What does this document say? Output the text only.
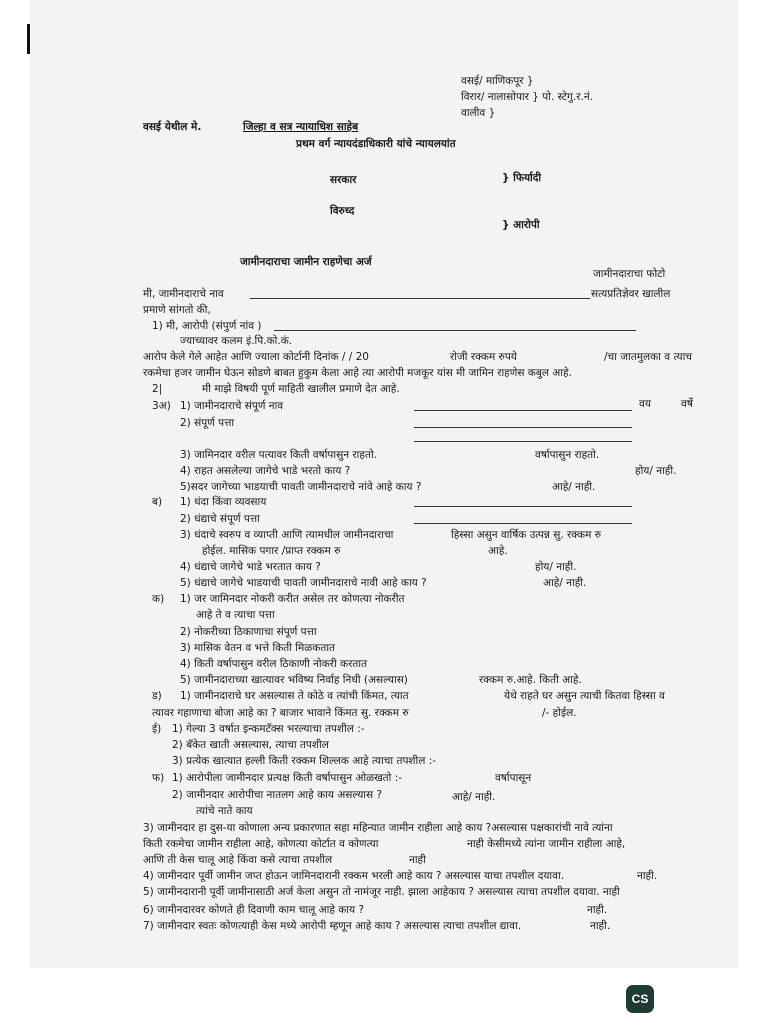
वसई/ माणिकपूर }

विरार/ नालासोपार } पो. स्टेगु.र.नं.

वालीव }

वसई येथील मे.	जिल्हा व सत्र न्यायाधिश साहेब

प्रथम वर्ग न्यायदंडाधिकारी यांचे न्यायलयांत

सरकार	} फिर्यादी

विरुध्द

} आरोपी

जामीनदाराचा जामीन राहणेचा अर्ज

जामीनदाराचा फोटो

मी, जामीनदाराचे नाव	सत्यप्रतिज्ञेवर खालील

प्रमाणे सांगतो की,

1) मी, आरोपी (संपुर्ण नांव )

ज्याच्यावर कलम इं.पि.को.कं.

आरोप केले गेले आहेत आणि ज्याला कोर्टानी दिनांक / / 20	रोजी रक्कम रुपये	/चा जातमुलका व त्याच

रकमेचा हजर जामीन घेऊन सोडणे बाबत हुकुम केला आहे त्या आरोपी मजकूर यांस मी जामिन राहणेस कबुल आहे.

2|	मी माझे विषयी पूर्ण माहिती खालील प्रमाणे देत आहे.

3अ) 1) जामीनदाराचे संपूर्ण नाव	वय	वर्षे

2) संपूर्ण पत्ता

3) जामिनदार वरील पत्यावर किती वर्षापासुन राहतो.	वर्षापासुन राहतो.

4) राहत असलेल्या जागेचे भाडे भरतो काय ?	होय/ नाही.

5)सदर जागेच्या भाडयाची पावती जामीनदाराचे नांवे आहे काय ?	आहे/ नाही.

ब) 1) धंदा किंवा व्यवसाय

2) धंद्याचे संपूर्ण पत्ता

3) धंदाचे स्वरुप व व्याप्ती आणि त्यामधील जामीनदाराचा	हिस्सा असुन वार्षिक उत्पन्न सु. रक्कम रु

होईल. मासिक पगार /प्राप्त रक्कम रु	आहे.

4) धंद्याचे जागेचे भाडे भरतात काय ?	होय/ नाही.

5) धंद्याचे जागेचे भाडयाची पावती जामीनदाराचे नावी आहे काय ?	आहे/ नाही.

क) 1) जर जामिनदार नोकरी करीत असेल तर कोणत्या नोकरीत

आहे ते व त्याचा पत्ता

2) नोकरीच्या ठिकाणाचा संपूर्ण पत्ता

3) मासिक वेतन व भत्ते किती मिळकतात

4) किती वर्षापासुन वरील ठिकाणी नोकरी करतात

5) जामीनदाराच्या खात्यावर भविष्य निर्वाह निधी (असल्यास)	रक्कम रु.आहे. किती आहे.

ड) 1) जामीनदाराचे घर असल्यास ते कोठे व त्यांची किंमत, त्यात	येथे राहते घर असुन त्याची कितवा हिस्सा व

त्यावर गहाणाचा बोजा आहे का ? बाजार भावाने किंमत सु. रक्कम रु	/- होईल.

ई) 1) गेल्या 3 वर्षात इन्कमटॅक्स भरल्याचा तपशील :-

2) बॅकेत खाती असल्यास, त्याचा तपशील

3) प्रत्येक खात्यात हल्ली किती रक्कम शिल्लक आहे त्याचा तपशील :-

फ) 1) आरोपीला जामीनदार प्रत्यक्ष किती वर्षापासुन ओळखतो :-	वर्षापासून

2) जामीनदार आरोपीचा नातलग आहे काय असल्यास ?	आहे/ नाही.

त्यांचे नाते काय

3) जामीनदार हा दुस-या कोणाला अन्य प्रकारणात सहा महिन्यात जामीन राहीला आहे काय ?असल्यास पक्षकारांची नावे त्यांना

किती रकमेचा जामीन राहीला आहे, कोणत्या कोर्टात व कोणत्या	नाही केसीमध्ये त्यांना जामीन राहीला आहे,

आणि ती केस चालू आहे किंवा कसे त्याचा तपशील	नाही

4) जामीनदार पूर्वी जामीन जप्त होऊन जामिनदारानी रक्कम भरली आहे काय ? असल्यास याचा तपशील दयावा.	नाही.

5) जामीनदारानी पूर्वी जामीनासाठी अर्ज केला असुन तो नामंजूर नाही. झाला आहेकाय ? असल्यास त्याचा तपशील दयावा. नाही

6) जामीनदारवर कोणते ही दिवाणी काम चालू आहे काय ?	नाही.

7) जामीनदार स्वतः कोणत्याही केस मध्ये आरोपी म्हणून आहे काय ? असल्यास त्याचा तपशील द्यावा.	नाही.

CS
